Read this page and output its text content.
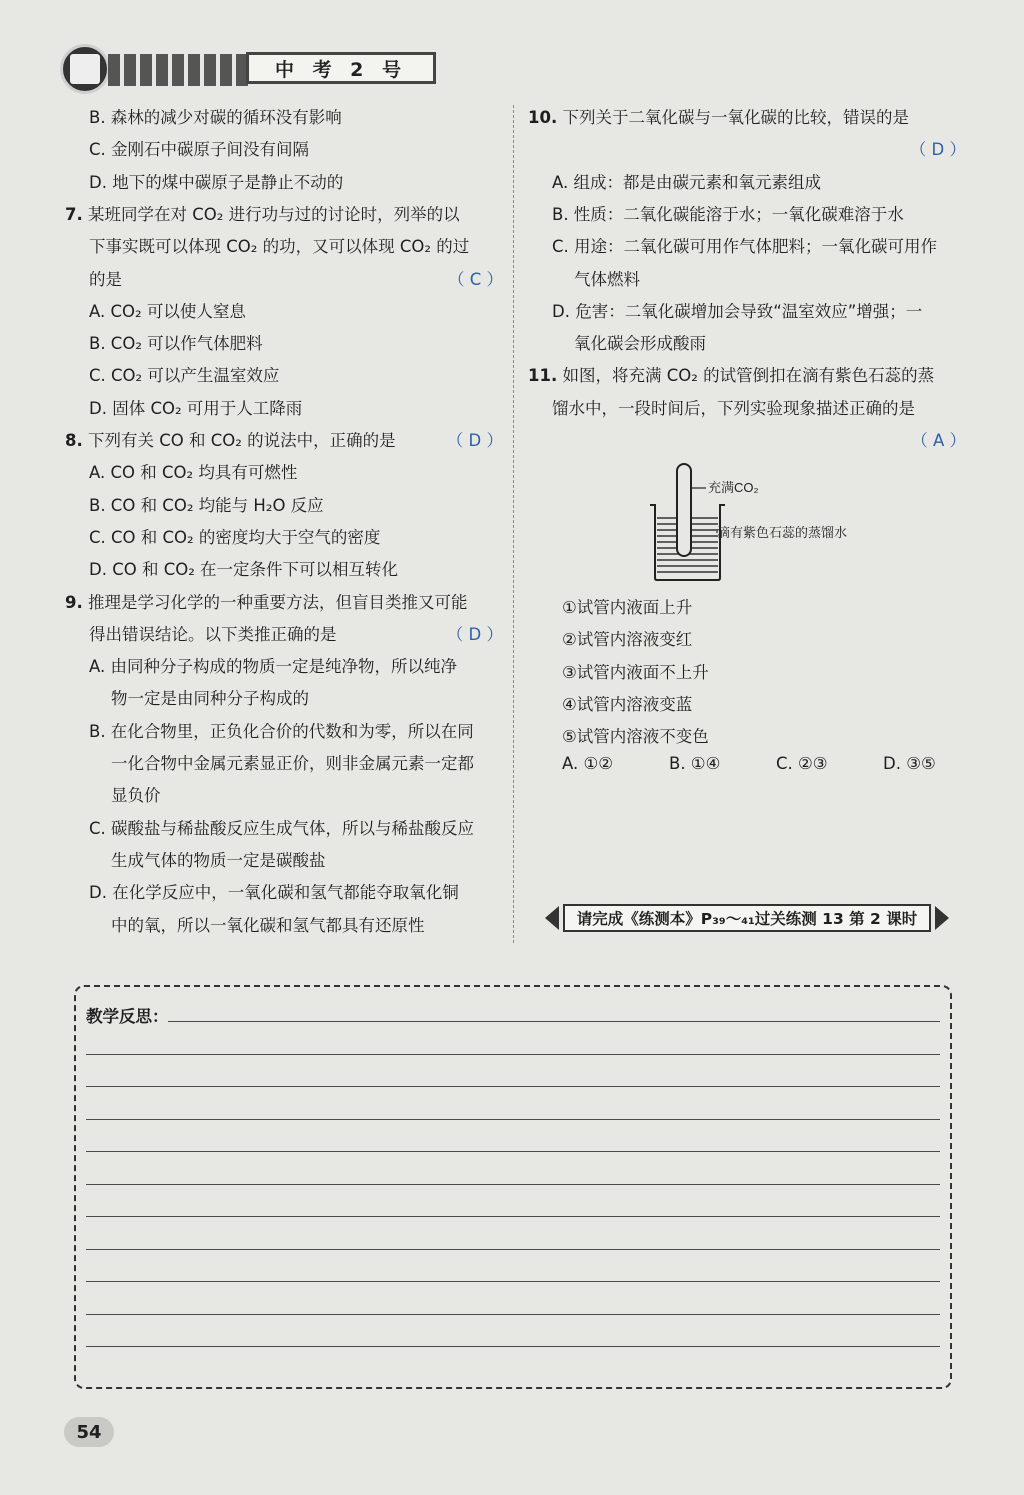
中 考 2 号
B. 森林的减少对碳的循环没有影响
C. 金刚石中碳原子间没有间隔
D. 地下的煤中碳原子是静止不动的
7. 某班同学在对 CO₂ 进行功与过的讨论时，列举的以
下事实既可以体现 CO₂ 的功，又可以体现 CO₂ 的过
的是	（ C ）
A. CO₂ 可以使人窒息
B. CO₂ 可以作气体肥料
C. CO₂ 可以产生温室效应
D. 固体 CO₂ 可用于人工降雨
8. 下列有关 CO 和 CO₂ 的说法中，正确的是	（ D ）
A. CO 和 CO₂ 均具有可燃性
B. CO 和 CO₂ 均能与 H₂O 反应
C. CO 和 CO₂ 的密度均大于空气的密度
D. CO 和 CO₂ 在一定条件下可以相互转化
9. 推理是学习化学的一种重要方法，但盲目类推又可能
得出错误结论。以下类推正确的是	（ D ）
A. 由同种分子构成的物质一定是纯净物，所以纯净
物一定是由同种分子构成的
B. 在化合物里，正负化合价的代数和为零，所以在同
一化合物中金属元素显正价，则非金属元素一定都
显负价
C. 碳酸盐与稀盐酸反应生成气体，所以与稀盐酸反应
生成气体的物质一定是碳酸盐
D. 在化学反应中，一氧化碳和氢气都能夺取氧化铜
中的氧，所以一氧化碳和氢气都具有还原性
10. 下列关于二氧化碳与一氧化碳的比较，错误的是
（ D ）
A. 组成：都是由碳元素和氧元素组成
B. 性质：二氧化碳能溶于水；一氧化碳难溶于水
C. 用途：二氧化碳可用作气体肥料；一氧化碳可用作
气体燃料
D. 危害：二氧化碳增加会导致“温室效应”增强；一
氧化碳会形成酸雨
11. 如图，将充满 CO₂ 的试管倒扣在滴有紫色石蕊的蒸
馏水中，一段时间后，下列实验现象描述正确的是
（ A ）
充满CO₂
滴有紫色石蕊的蒸馏水
①试管内液面上升
②试管内溶液变红
③试管内液面不上升
④试管内溶液变蓝
⑤试管内溶液不变色
A. ①②	B. ①④	C. ②③	D. ③⑤
请完成《练测本》P₃₉～₄₁过关练测 13 第 2 课时
教学反思：
54
